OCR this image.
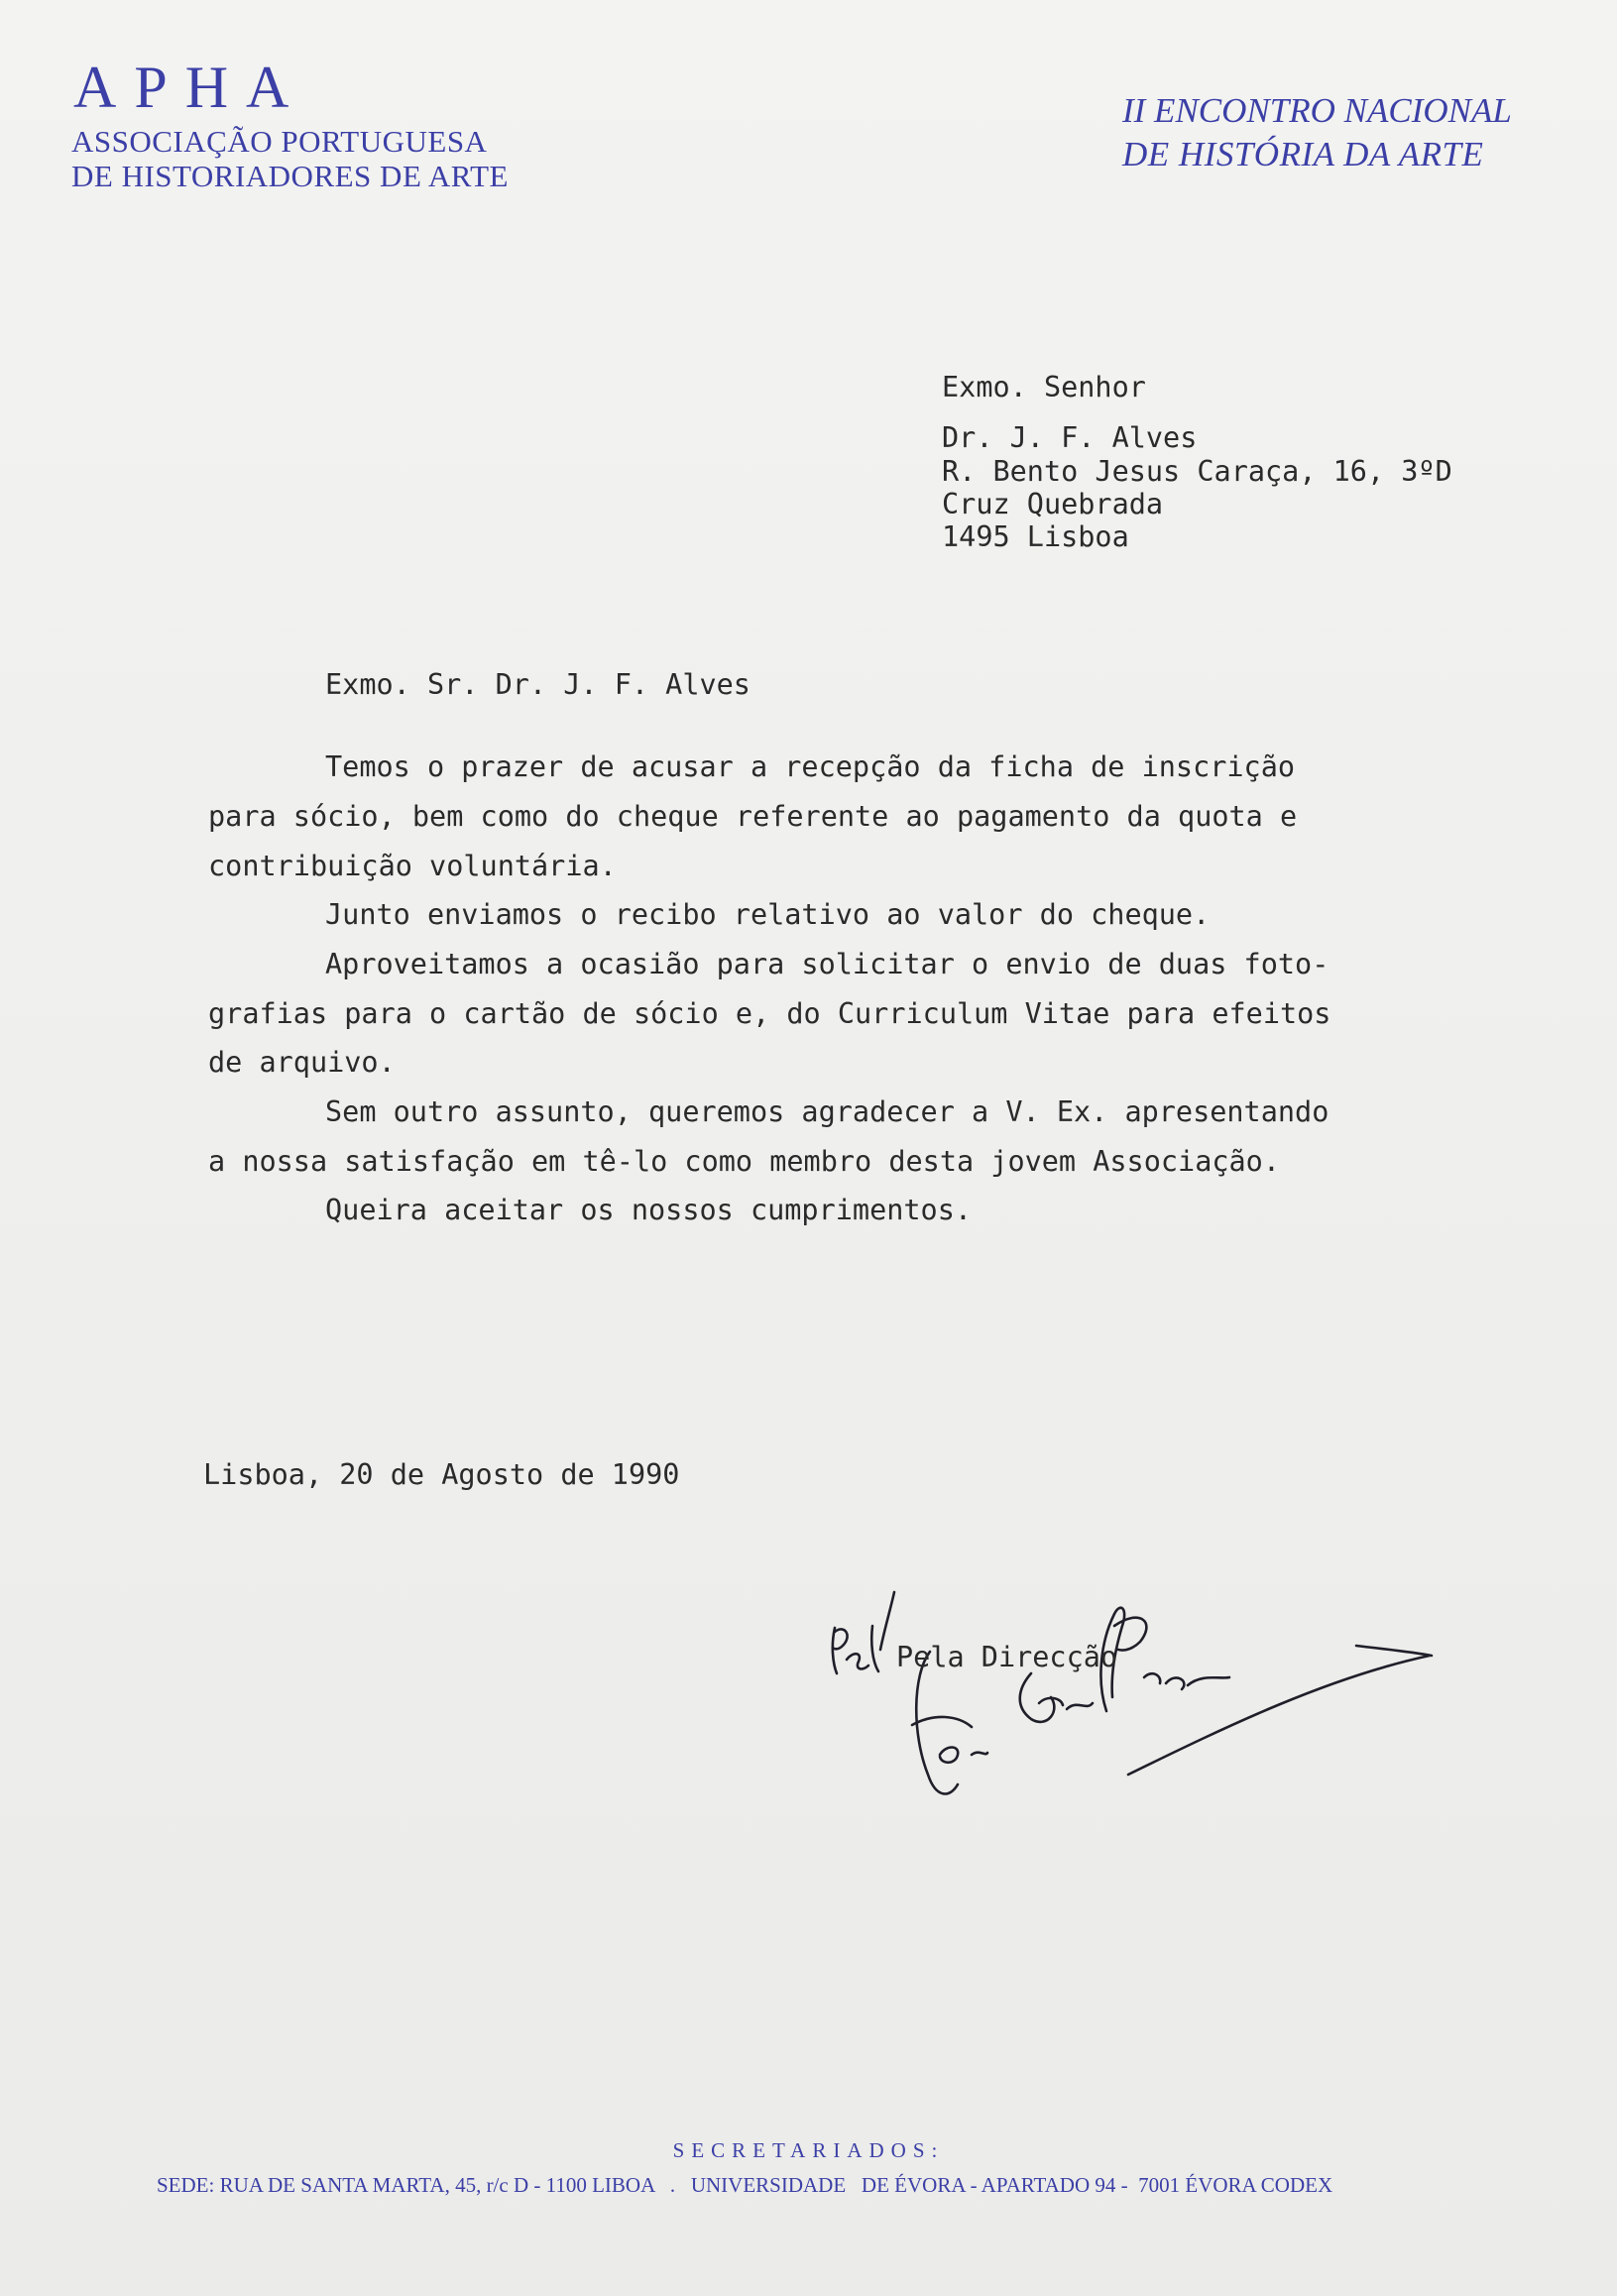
APHA
ASSOCIAÇÃO PORTUGUESA
DE HISTORIADORES DE ARTE
II ENCONTRO NACIONAL
DE HISTÓRIA DA ARTE
Exmo. Senhor
Dr. J. F. Alves
R. Bento Jesus Caraça, 16, 3ºD
Cruz Quebrada
1495 Lisboa
Exmo. Sr. Dr. J. F. Alves
Temos o prazer de acusar a recepção da ficha de inscrição
para sócio, bem como do cheque referente ao pagamento da quota e
contribuição voluntária.
Junto enviamos o recibo relativo ao valor do cheque.
Aproveitamos a ocasião para solicitar o envio de duas foto-
grafias para o cartão de sócio e, do Curriculum Vitae para efeitos
de arquivo.
Sem outro assunto, queremos agradecer a V. Ex. apresentando
a nossa satisfação em tê-lo como membro desta jovem Associação.
Queira aceitar os nossos cumprimentos.
Lisboa, 20 de Agosto de 1990
Pela Direcção
SECRETARIADOS:
SEDE: RUA DE SANTA MARTA, 45, r/c D - 1100 LIBOA   .   UNIVERSIDADE   DE ÉVORA - APARTADO 94 -  7001 ÉVORA CODEX
